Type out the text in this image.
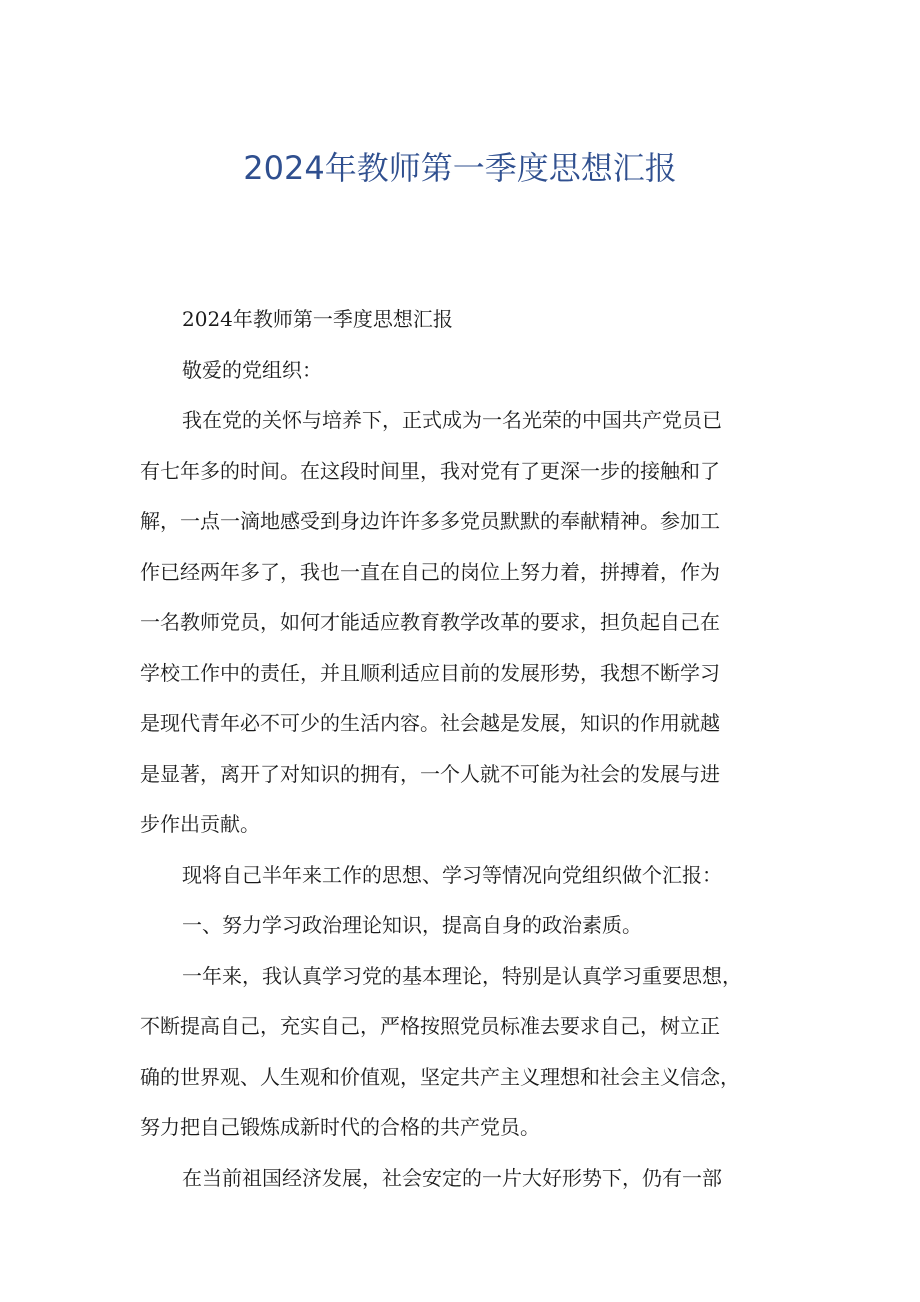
2024年教师第一季度思想汇报

2024年教师第一季度思想汇报

敬爱的党组织：

我在党的关怀与培养下，正式成为一名光荣的中国共产党员已
有七年多的时间。在这段时间里，我对党有了更深一步的接触和了
解，一点一滴地感受到身边许许多多党员默默的奉献精神。参加工
作已经两年多了，我也一直在自己的岗位上努力着，拼搏着，作为
一名教师党员，如何才能适应教育教学改革的要求，担负起自己在
学校工作中的责任，并且顺利适应目前的发展形势，我想不断学习
是现代青年必不可少的生活内容。社会越是发展，知识的作用就越
是显著，离开了对知识的拥有，一个人就不可能为社会的发展与进
步作出贡献。

现将自己半年来工作的思想、学习等情况向党组织做个汇报：

一、努力学习政治理论知识，提高自身的政治素质。

一年来，我认真学习党的基本理论，特别是认真学习重要思想，
不断提高自己，充实自己，严格按照党员标准去要求自己，树立正
确的世界观、人生观和价值观，坚定共产主义理想和社会主义信念，
努力把自己锻炼成新时代的合格的共产党员。

在当前祖国经济发展，社会安定的一片大好形势下，仍有一部
